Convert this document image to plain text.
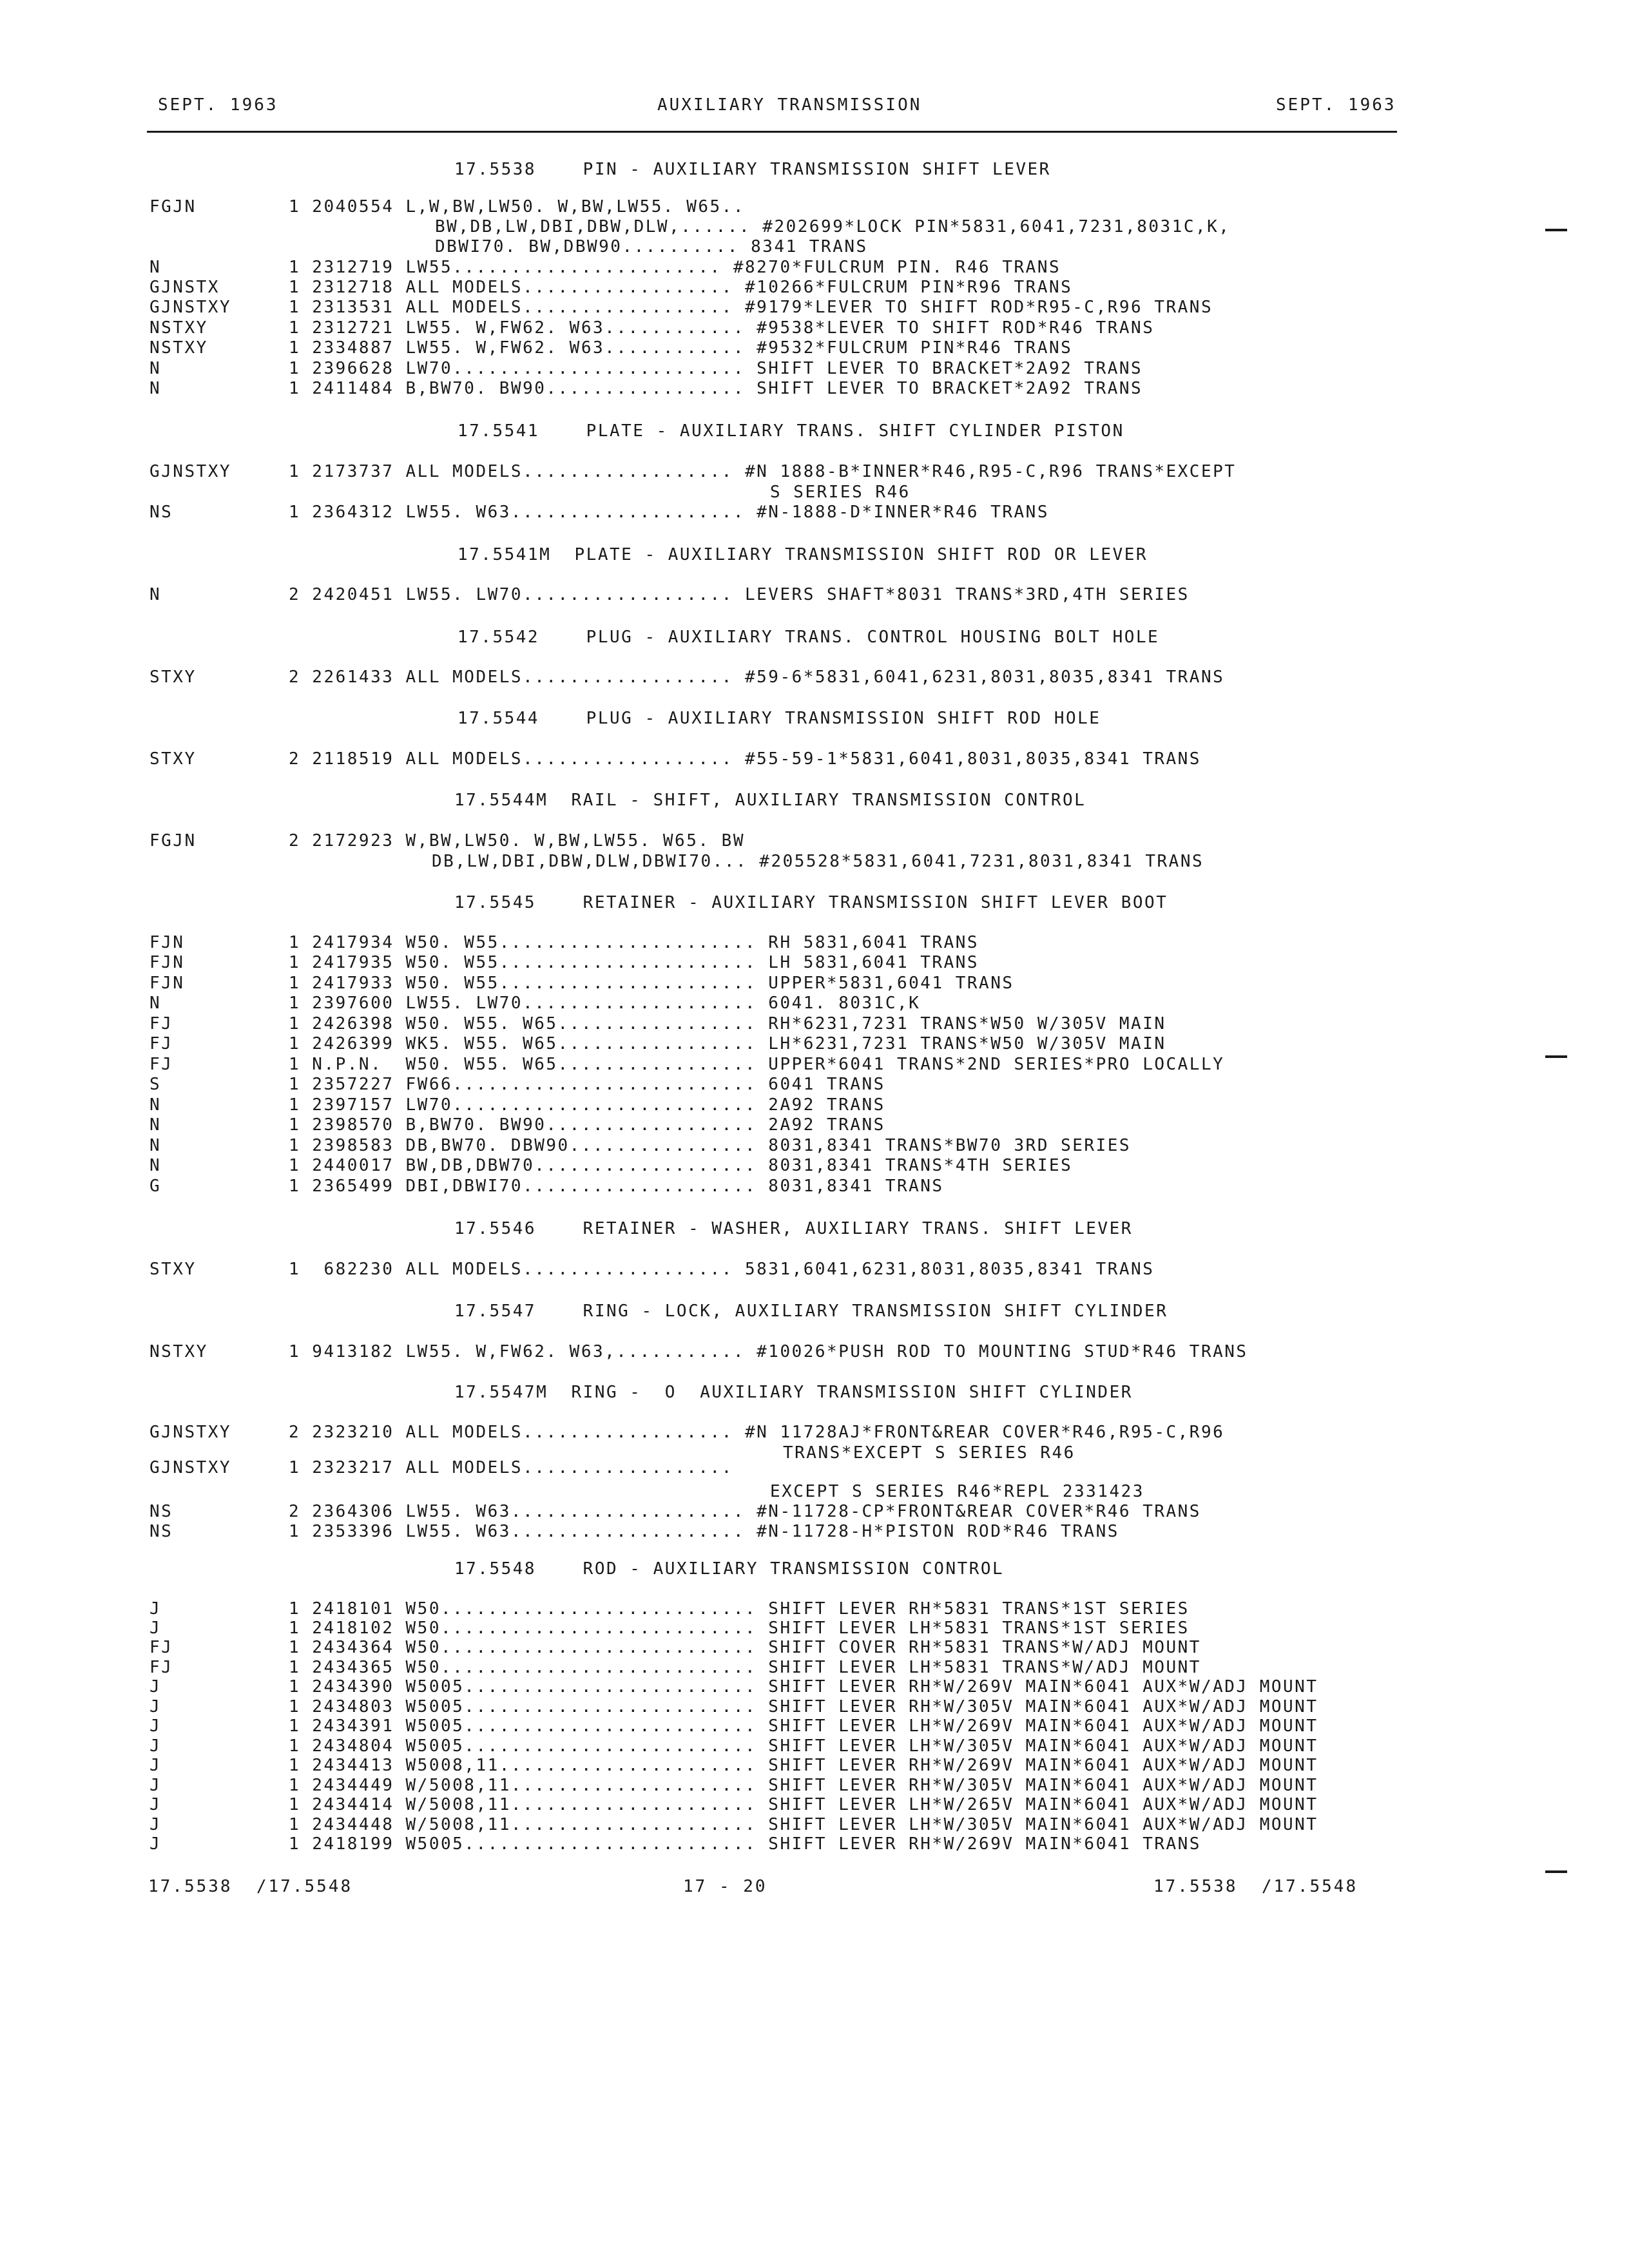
SEPT. 1963	AUXILIARY TRANSMISSION	SEPT. 1963
17.5538    PIN - AUXILIARY TRANSMISSION SHIFT LEVER
FGJN	1 2040554 L,W,BW,LW50. W,BW,LW55. W65..
BW,DB,LW,DBI,DBW,DLW,...... #202699*LOCK PIN*5831,6041,7231,8031C,K,
DBWI70. BW,DBW90.......... 8341 TRANS
N	1 2312719 LW55....................... #8270*FULCRUM PIN. R46 TRANS
GJNSTX	1 2312718 ALL MODELS.................. #10266*FULCRUM PIN*R96 TRANS
GJNSTXY	1 2313531 ALL MODELS.................. #9179*LEVER TO SHIFT ROD*R95-C,R96 TRANS
NSTXY	1 2312721 LW55. W,FW62. W63............ #9538*LEVER TO SHIFT ROD*R46 TRANS
NSTXY	1 2334887 LW55. W,FW62. W63............ #9532*FULCRUM PIN*R46 TRANS
N	1 2396628 LW70......................... SHIFT LEVER TO BRACKET*2A92 TRANS
N	1 2411484 B,BW70. BW90................. SHIFT LEVER TO BRACKET*2A92 TRANS
17.5541    PLATE - AUXILIARY TRANS. SHIFT CYLINDER PISTON
GJNSTXY	1 2173737 ALL MODELS.................. #N 1888-B*INNER*R46,R95-C,R96 TRANS*EXCEPT
S SERIES R46
NS	1 2364312 LW55. W63.................... #N-1888-D*INNER*R46 TRANS
17.5541M  PLATE - AUXILIARY TRANSMISSION SHIFT ROD OR LEVER
N	2 2420451 LW55. LW70.................. LEVERS SHAFT*8031 TRANS*3RD,4TH SERIES
17.5542    PLUG - AUXILIARY TRANS. CONTROL HOUSING BOLT HOLE
STXY	2 2261433 ALL MODELS.................. #59-6*5831,6041,6231,8031,8035,8341 TRANS
17.5544    PLUG - AUXILIARY TRANSMISSION SHIFT ROD HOLE
STXY	2 2118519 ALL MODELS.................. #55-59-1*5831,6041,8031,8035,8341 TRANS
17.5544M  RAIL - SHIFT, AUXILIARY TRANSMISSION CONTROL
FGJN	2 2172923 W,BW,LW50. W,BW,LW55. W65. BW
DB,LW,DBI,DBW,DLW,DBWI70... #205528*5831,6041,7231,8031,8341 TRANS
17.5545    RETAINER - AUXILIARY TRANSMISSION SHIFT LEVER BOOT
FJN	1 2417934 W50. W55...................... RH 5831,6041 TRANS
FJN	1 2417935 W50. W55...................... LH 5831,6041 TRANS
FJN	1 2417933 W50. W55...................... UPPER*5831,6041 TRANS
N	1 2397600 LW55. LW70.................... 6041. 8031C,K
FJ	1 2426398 W50. W55. W65................. RH*6231,7231 TRANS*W50 W/305V MAIN
FJ	1 2426399 WK5. W55. W65................. LH*6231,7231 TRANS*W50 W/305V MAIN
FJ	1 N.P.N.  W50. W55. W65................. UPPER*6041 TRANS*2ND SERIES*PRO LOCALLY
S	1 2357227 FW66.......................... 6041 TRANS
N	1 2397157 LW70.......................... 2A92 TRANS
N	1 2398570 B,BW70. BW90.................. 2A92 TRANS
N	1 2398583 DB,BW70. DBW90................ 8031,8341 TRANS*BW70 3RD SERIES
N	1 2440017 BW,DB,DBW70................... 8031,8341 TRANS*4TH SERIES
G	1 2365499 DBI,DBWI70.................... 8031,8341 TRANS
17.5546    RETAINER - WASHER, AUXILIARY TRANS. SHIFT LEVER
STXY	1  682230 ALL MODELS.................. 5831,6041,6231,8031,8035,8341 TRANS
17.5547    RING - LOCK, AUXILIARY TRANSMISSION SHIFT CYLINDER
NSTXY	1 9413182 LW55. W,FW62. W63,........... #10026*PUSH ROD TO MOUNTING STUD*R46 TRANS
17.5547M  RING -  O  AUXILIARY TRANSMISSION SHIFT CYLINDER
GJNSTXY	2 2323210 ALL MODELS.................. #N 11728AJ*FRONT&REAR COVER*R46,R95-C,R96
TRANS*EXCEPT S SERIES R46
GJNSTXY	1 2323217 ALL MODELS..................
EXCEPT S SERIES R46*REPL 2331423
NS	2 2364306 LW55. W63.................... #N-11728-CP*FRONT&REAR COVER*R46 TRANS
NS	1 2353396 LW55. W63.................... #N-11728-H*PISTON ROD*R46 TRANS
17.5548    ROD - AUXILIARY TRANSMISSION CONTROL
J	1 2418101 W50........................... SHIFT LEVER RH*5831 TRANS*1ST SERIES
J	1 2418102 W50........................... SHIFT LEVER LH*5831 TRANS*1ST SERIES
FJ	1 2434364 W50........................... SHIFT COVER RH*5831 TRANS*W/ADJ MOUNT
FJ	1 2434365 W50........................... SHIFT LEVER LH*5831 TRANS*W/ADJ MOUNT
J	1 2434390 W5005......................... SHIFT LEVER RH*W/269V MAIN*6041 AUX*W/ADJ MOUNT
J	1 2434803 W5005......................... SHIFT LEVER RH*W/305V MAIN*6041 AUX*W/ADJ MOUNT
J	1 2434391 W5005......................... SHIFT LEVER LH*W/269V MAIN*6041 AUX*W/ADJ MOUNT
J	1 2434804 W5005......................... SHIFT LEVER LH*W/305V MAIN*6041 AUX*W/ADJ MOUNT
J	1 2434413 W5008,11...................... SHIFT LEVER RH*W/269V MAIN*6041 AUX*W/ADJ MOUNT
J	1 2434449 W/5008,11..................... SHIFT LEVER RH*W/305V MAIN*6041 AUX*W/ADJ MOUNT
J	1 2434414 W/5008,11..................... SHIFT LEVER LH*W/265V MAIN*6041 AUX*W/ADJ MOUNT
J	1 2434448 W/5008,11..................... SHIFT LEVER LH*W/305V MAIN*6041 AUX*W/ADJ MOUNT
J	1 2418199 W5005......................... SHIFT LEVER RH*W/269V MAIN*6041 TRANS
17.5538  /17.5548	17 - 20	17.5538  /17.5548
